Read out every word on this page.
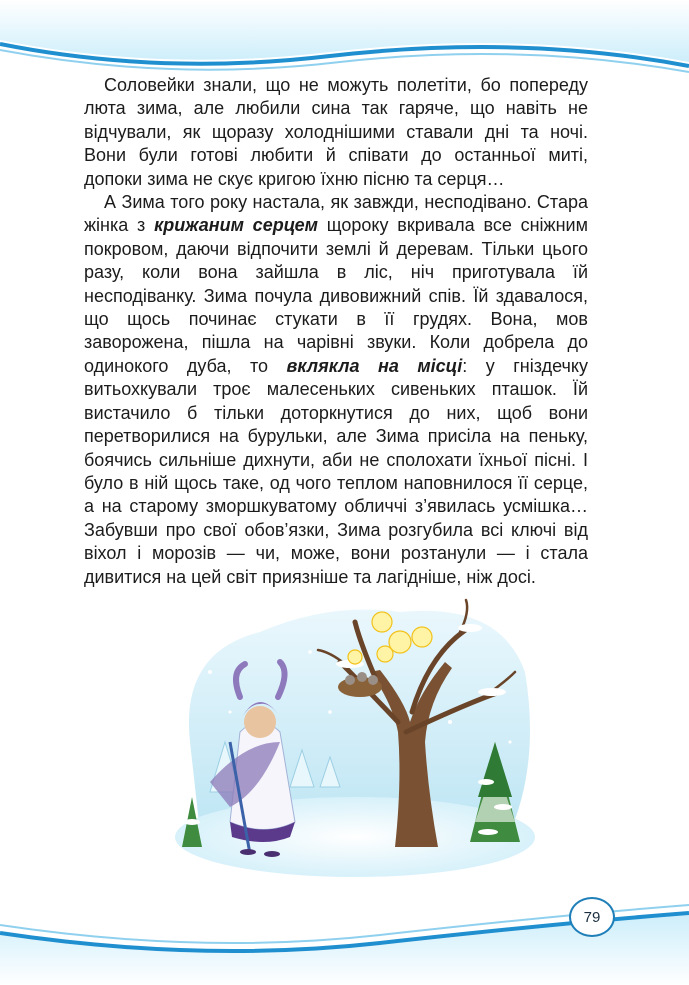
Соловейки знали, що не можуть полетіти, бо попереду люта зима, але любили сина так гаряче, що навіть не відчували, як щоразу холоднішими ставали дні та ночі. Вони були готові любити й співати до останньої миті, допоки зима не скує кригою їхню пісню та серця…

А Зима того року настала, як завжди, несподівано. Стара жінка з крижаним серцем щороку вкривала все сніжним покровом, даючи відпочити землі й деревам. Тільки цього разу, коли вона зайшла в ліс, ніч приготувала їй несподіванку. Зима почула дивовижний спів. Їй здавалося, що щось починає стукати в її грудях. Вона, мов заворожена, пішла на чарівні звуки. Коли добрела до одинокого дуба, то вклякла на місці: у гніздечку витьохкували троє малесеньких сивеньких пташок. Їй вистачило б тільки доторкнутися до них, щоб вони перетворилися на бурульки, але Зима присіла на пеньку, боячись сильніше дихнути, аби не сполохати їхньої пісні. І було в ній щось таке, од чого теплом наповнилося її серце, а на старому зморшкуватому обличчі з’явилась усмішка… Забувши про свої обов’язки, Зима розгубила всі ключі від віхол і морозів — чи, може, вони розтанули — і стала дивитися на цей світ приязніше та лагідніше, ніж досі.

79
